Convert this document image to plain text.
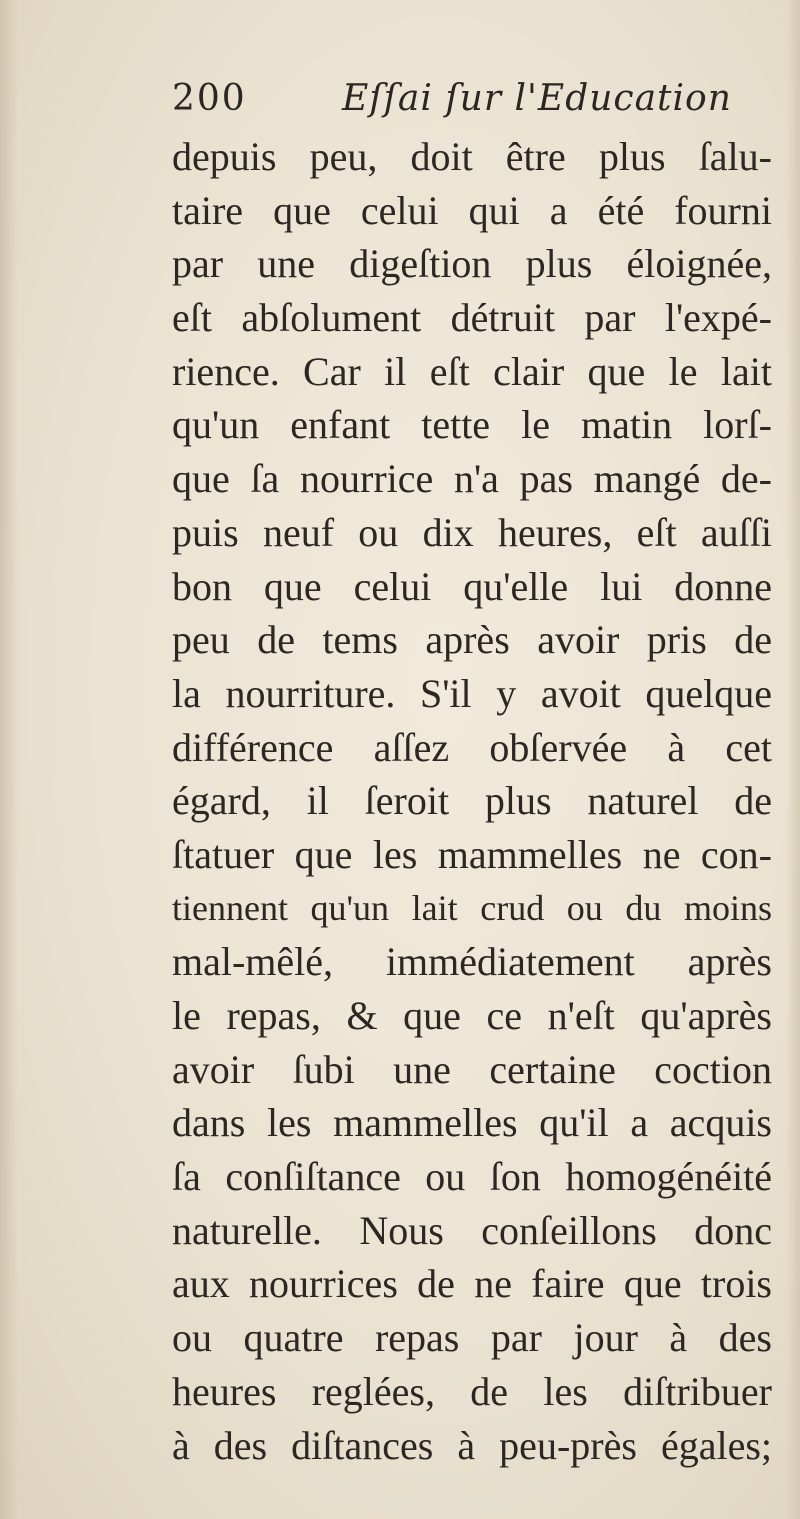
200	Eſſai ſur l'Education
depuis peu, doit être plus ſalu-
taire que celui qui a été fourni
par une digeſtion plus éloignée,
eſt abſolument détruit par l'expé-
rience. Car il eſt clair que le lait
qu'un enfant tette le matin lorſ-
que ſa nourrice n'a pas mangé de-
puis neuf ou dix heures, eſt auſſi
bon que celui qu'elle lui donne
peu de tems après avoir pris de
la nourriture. S'il y avoit quelque
différence aſſez obſervée à cet
égard, il ſeroit plus naturel de
ſtatuer que les mammelles ne con-
tiennent qu'un lait crud ou du moins
mal-mêlé, immédiatement après
le repas, & que ce n'eſt qu'après
avoir ſubi une certaine coction
dans les mammelles qu'il a acquis
ſa conſiſtance ou ſon homogénéité
naturelle. Nous conſeillons donc
aux nourrices de ne faire que trois
ou quatre repas par jour à des
heures reglées, de les diſtribuer
à des diſtances à peu-près égales;
